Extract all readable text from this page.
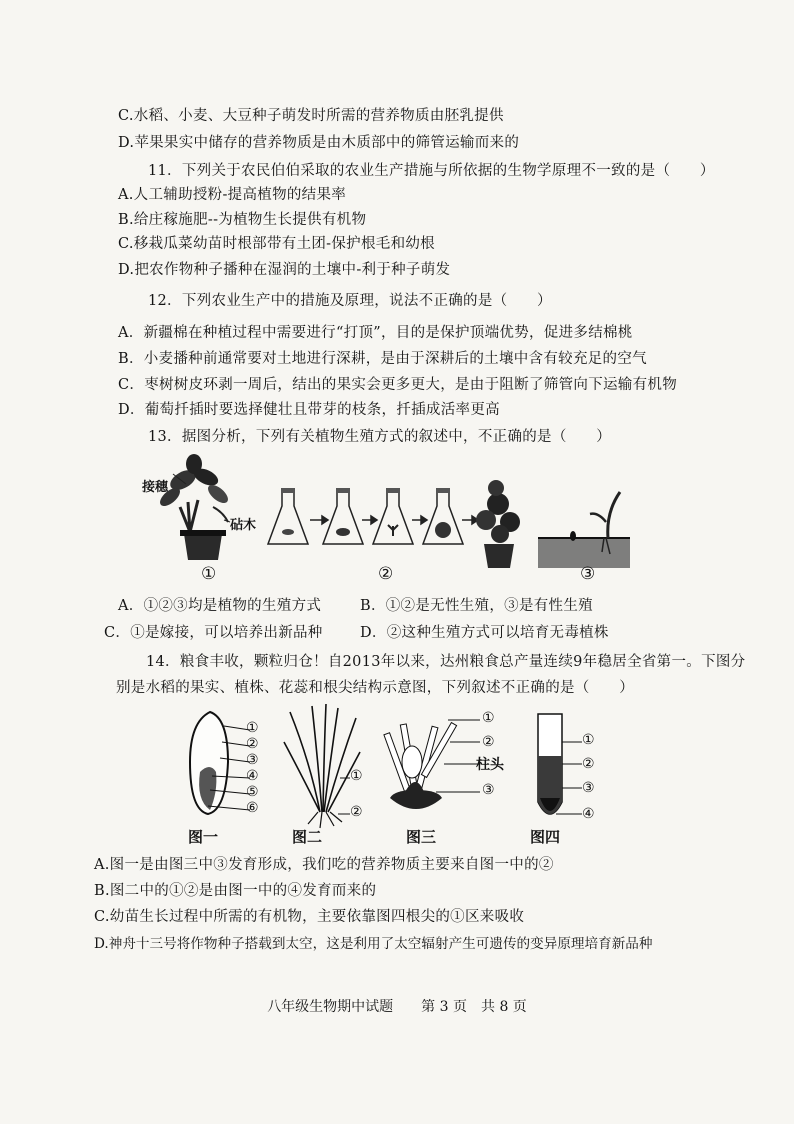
C.水稻、小麦、大豆种子萌发时所需的营养物质由胚乳提供
D.苹果果实中储存的营养物质是由木质部中的筛管运输而来的
11．下列关于农民伯伯采取的农业生产措施与所依据的生物学原理不一致的是（　　）
A.人工辅助授粉-提高植物的结果率
B.给庄稼施肥--为植物生长提供有机物
C.移栽瓜菜幼苗时根部带有土团-保护根毛和幼根
D.把农作物种子播种在湿润的土壤中-利于种子萌发
12．下列农业生产中的措施及原理，说法不正确的是（　　）
A．新疆棉在种植过程中需要进行“打顶”，目的是保护顶端优势，促进多结棉桃
B．小麦播种前通常要对土地进行深耕，是由于深耕后的土壤中含有较充足的空气
C．枣树树皮环剥一周后，结出的果实会更多更大，是由于阻断了筛管向下运输有机物
D．葡萄扦插时要选择健壮且带芽的枝条，扦插成活率更高
13．据图分析，下列有关植物生殖方式的叙述中，不正确的是（　　）
接穗
砧木
①	②	③
A．①②③均是植物的生殖方式	B．①②是无性生殖，③是有性生殖
C．①是嫁接，可以培养出新品种	D．②这种生殖方式可以培育无毒植株
14．粮食丰收，颗粒归仓！自2013年以来，达州粮食总产量连续9年稳居全省第一。下图分
别是水稻的果实、植株、花蕊和根尖结构示意图，下列叙述不正确的是（　　）
①
②
③
④
⑤
⑥
①
②
①
②
柱头
③
①
②
③
④
图一	图二	图三	图四
A.图一是由图三中③发育形成，我们吃的营养物质主要来自图一中的②
B.图二中的①②是由图一中的④发育而来的
C.幼苗生长过程中所需的有机物，主要依靠图四根尖的①区来吸收
D.神舟十三号将作物种子搭载到太空，这是利用了太空辐射产生可遗传的变异原理培育新品种
八年级生物期中试题　　第 3 页　共 8 页
